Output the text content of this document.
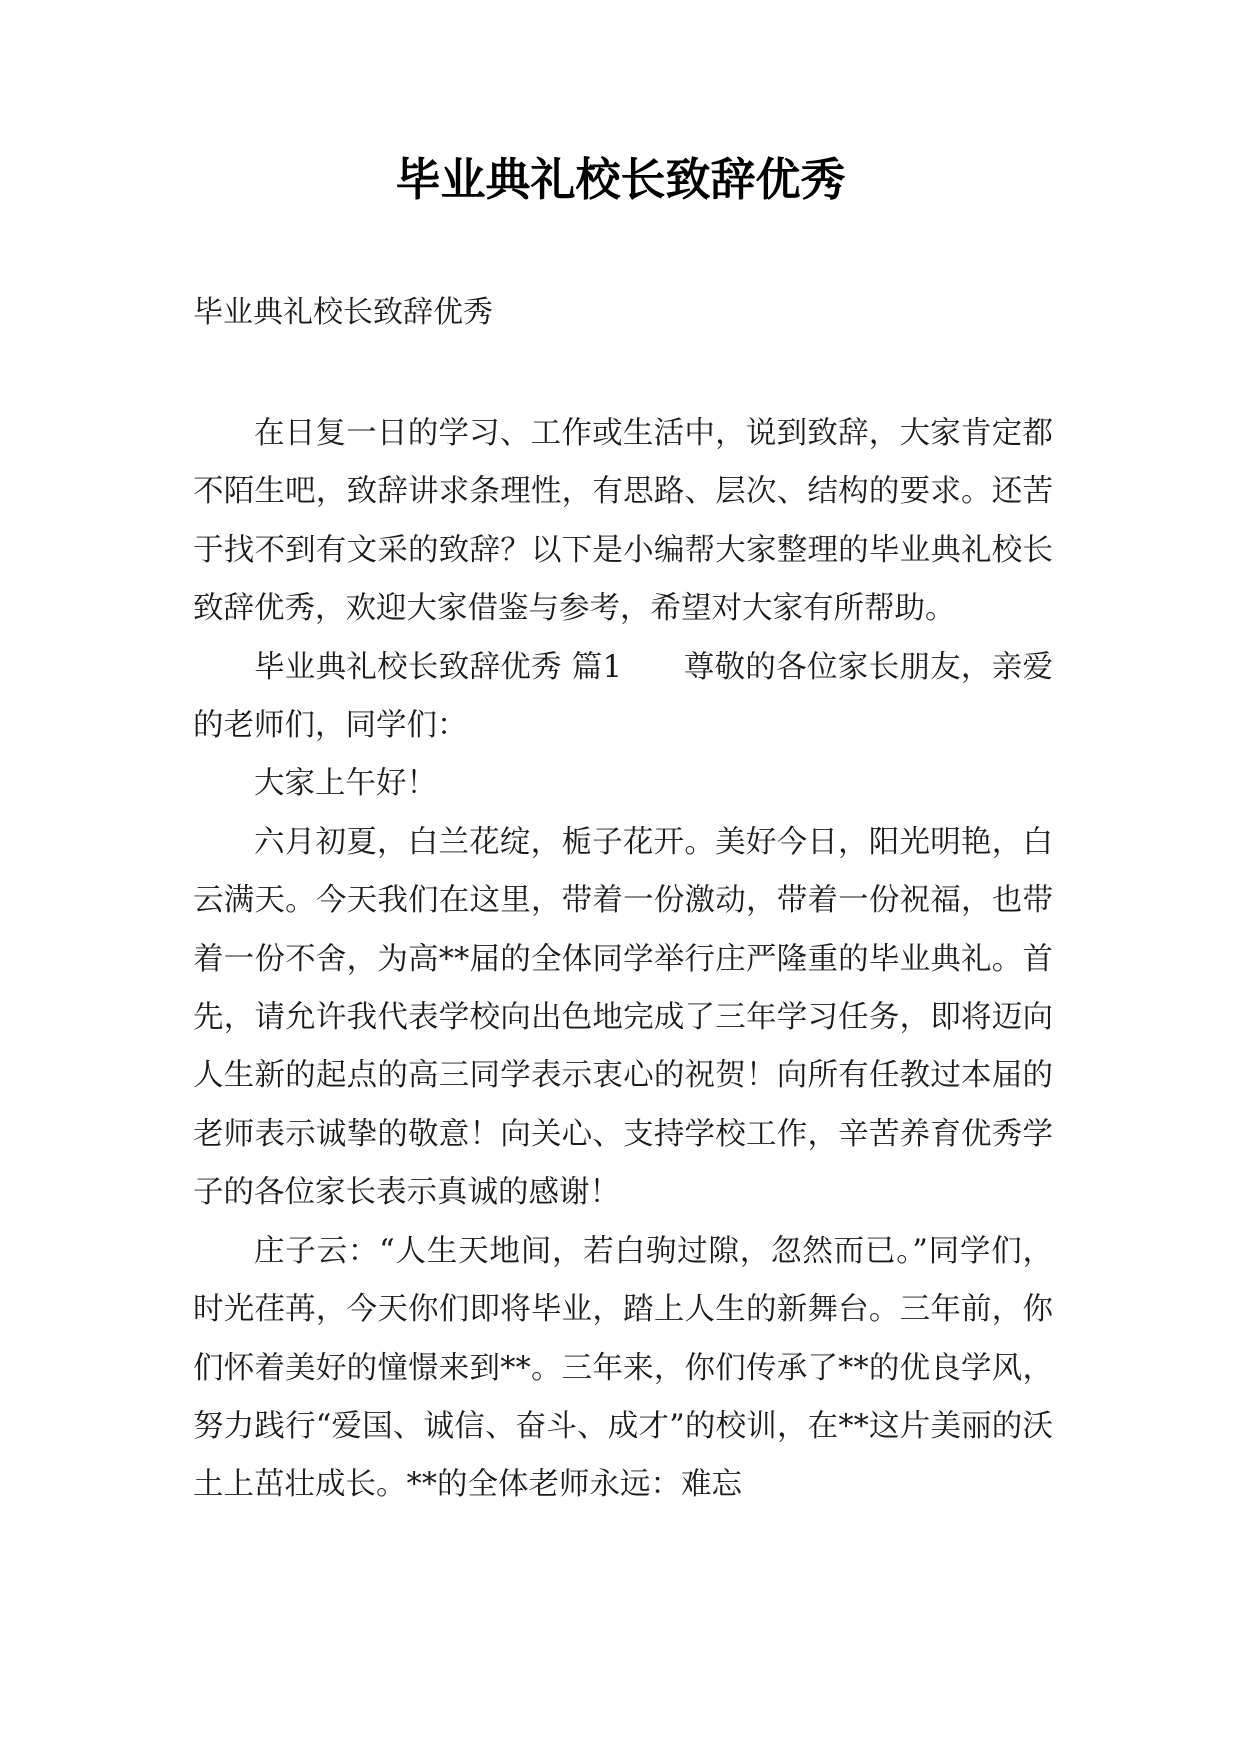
毕业典礼校长致辞优秀
毕业典礼校长致辞优秀

在日复一日的学习、工作或生活中，说到致辞，大家肯定都不陌生吧，致辞讲求条理性，有思路、层次、结构的要求。还苦于找不到有文采的致辞？以下是小编帮大家整理的毕业典礼校长致辞优秀，欢迎大家借鉴与参考，希望对大家有所帮助。

毕业典礼校长致辞优秀 篇1　　尊敬的各位家长朋友，亲爱的老师们，同学们：

大家上午好！

六月初夏，白兰花绽，栀子花开。美好今日，阳光明艳，白云满天。今天我们在这里，带着一份激动，带着一份祝福，也带着一份不舍，为高**届的全体同学举行庄严隆重的毕业典礼。首先，请允许我代表学校向出色地完成了三年学习任务，即将迈向人生新的起点的高三同学表示衷心的祝贺！向所有任教过本届的老师表示诚挚的敬意！向关心、支持学校工作，辛苦养育优秀学子的各位家长表示真诚的感谢！

庄子云：“人生天地间，若白驹过隙，忽然而已。”同学们，时光荏苒，今天你们即将毕业，踏上人生的新舞台。三年前，你们怀着美好的憧憬来到**。三年来，你们传承了**的优良学风，努力践行“爱国、诚信、奋斗、成才”的校训，在**这片美丽的沃土上茁壮成长。**的全体老师永远：难忘
